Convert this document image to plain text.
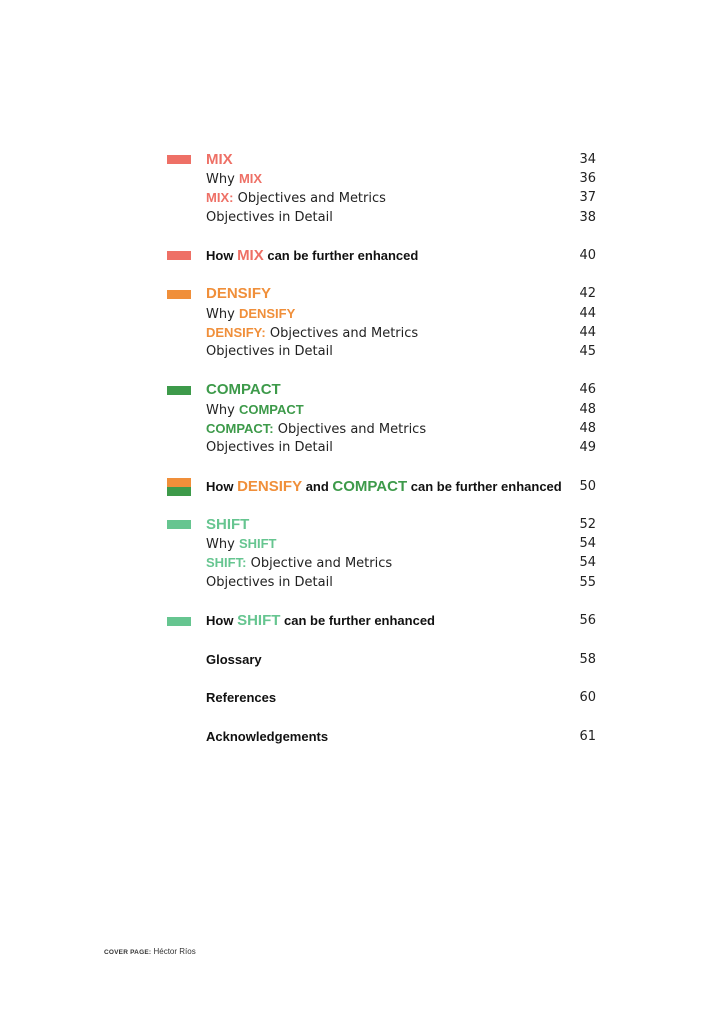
MIX	34
Why MIX	36
MIX: Objectives and Metrics	37
Objectives in Detail	38
How MIX can be further enhanced	40
DENSIFY	42
Why DENSIFY	44
DENSIFY: Objectives and Metrics	44
Objectives in Detail	45
COMPACT	46
Why COMPACT	48
COMPACT: Objectives and Metrics	48
Objectives in Detail	49
How DENSIFY and COMPACT can be further enhanced 50
SHIFT	52
Why SHIFT	54
SHIFT: Objective and Metrics	54
Objectives in Detail	55
How SHIFT can be further enhanced	56
Glossary	58
References	60
Acknowledgements	61
COVER PAGE: Héctor Ríos
